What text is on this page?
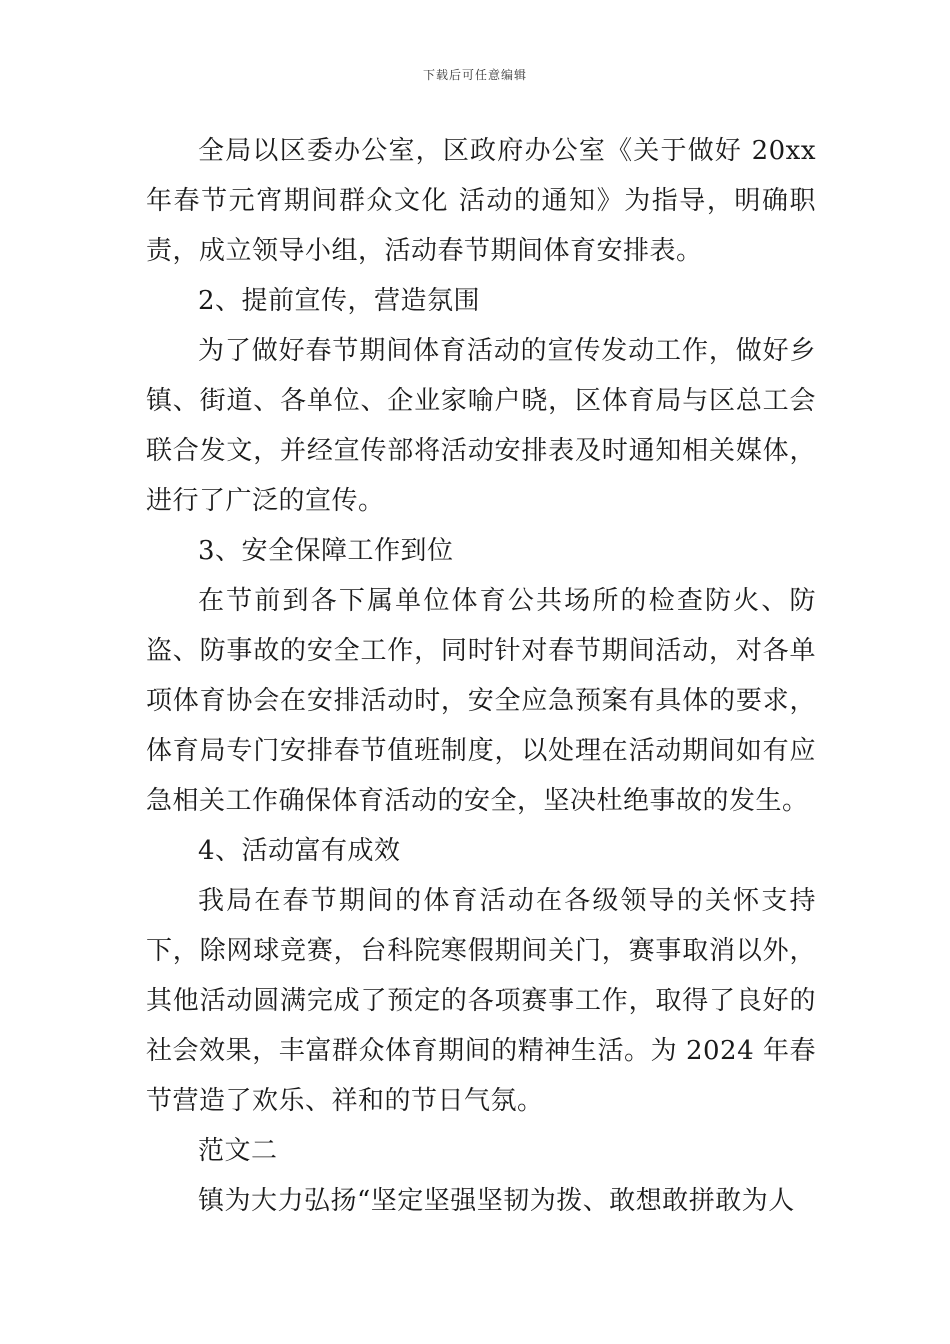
下载后可任意编辑

全局以区委办公室，区政府办公室《关于做好 20xx 年春节元宵期间群众文化 活动的通知》为指导，明确职责，成立领导小组，活动春节期间体育安排表。

2、提前宣传，营造氛围

为了做好春节期间体育活动的宣传发动工作，做好乡镇、街道、各单位、企业家喻户晓，区体育局与区总工会联合发文，并经宣传部将活动安排表及时通知相关媒体，进行了广泛的宣传。

3、安全保障工作到位

在节前到各下属单位体育公共场所的检查防火、防盗、防事故的安全工作，同时针对春节期间活动，对各单项体育协会在安排活动时，安全应急预案有具体的要求，体育局专门安排春节值班制度，以处理在活动期间如有应急相关工作确保体育活动的安全，坚决杜绝事故的发生。

4、活动富有成效

我局在春节期间的体育活动在各级领导的关怀支持下，除网球竞赛，台科院寒假期间关门，赛事取消以外，其他活动圆满完成了预定的各项赛事工作，取得了良好的社会效果，丰富群众体育期间的精神生活。为 2024 年春节营造了欢乐、祥和的节日气氛。

范文二

镇为大力弘扬“坚定坚强坚韧为拨、敢想敢拼敢为人
